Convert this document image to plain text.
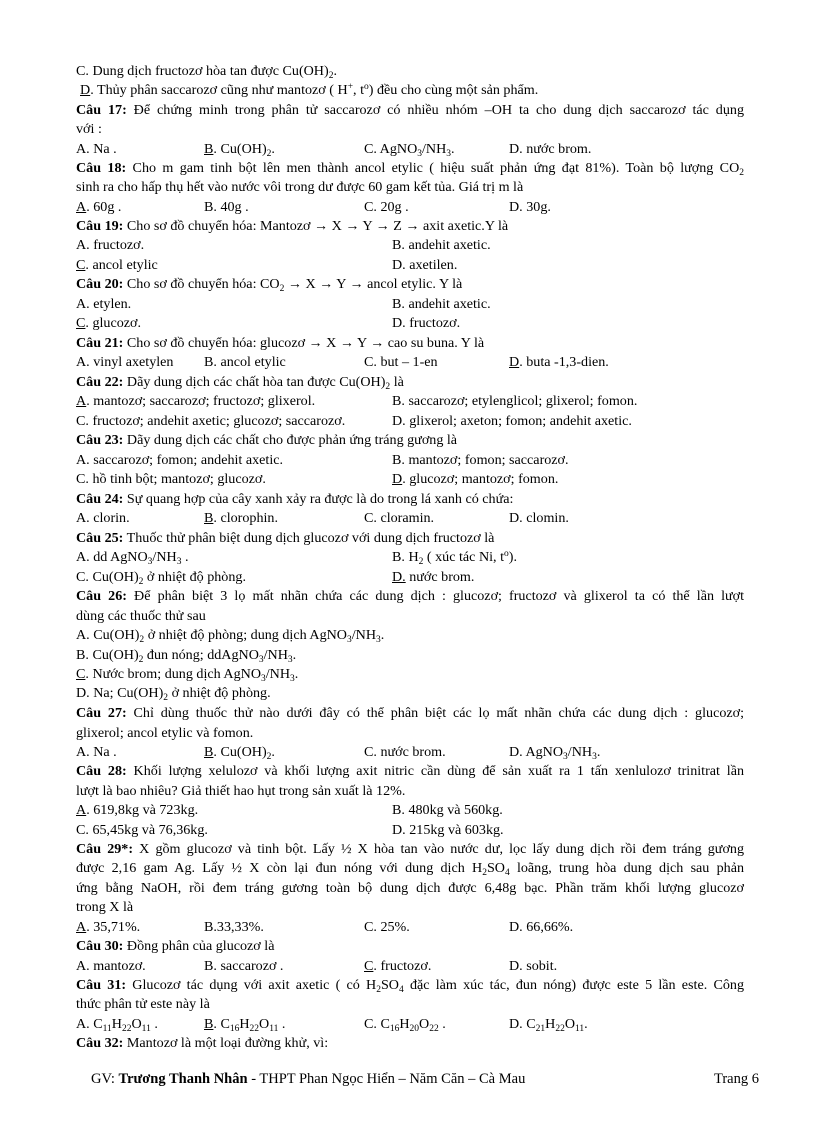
C. Dung dịch fructozơ hòa tan được $Cu(OH)_2$.
D. Thủy phân saccarozơ cũng như mantozơ ( H+, $t^o$) đều cho cùng một sản phẩm.
Câu 17: Để chứng minh trong phân tử saccarozơ có nhiều nhóm –OH ta cho dung dịch saccarozơ tác dụng
với :
A. Na .	B. $Cu(OH)_2$.	C. $AgNO_3/NH_3$.	D. nước brom.
Câu 18: Cho m gam tinh bột lên men thành ancol etylic ( hiệu suất phản ứng đạt 81%). Toàn bộ lượng $CO_2$
sinh ra cho hấp thụ hết vào nước vôi trong dư được 60 gam kết tủa. Giá trị m là
A. 60g .	B. 40g .	C. 20g .	D. 30g.
Câu 19: Cho sơ đồ chuyển hóa: Mantozơ → X → Y → Z → axit axetic.Y là
A. fructozơ.	B. andehit axetic.
C. ancol etylic	D. axetilen.
Câu 20: Cho sơ đồ chuyển hóa: $CO_2 \to X \to Y$ → ancol etylic. Y là
A. etylen.	B. andehit axetic.
C. glucozơ.	D. fructozơ.
Câu 21: Cho sơ đồ chuyển hóa: glucozơ → X → Y → cao su buna. Y là
A. vinyl axetylen B. ancol etylic	C. but – 1-en	D. buta -1,3-dien.
Câu 22: Dãy dung dịch các chất hòa tan được $Cu(OH)_2$ là
A. mantozơ; saccarozơ; fructozơ; glixerol.	B. saccarozơ; etylenglicol; glixerol; fomon.
C. fructozơ; andehit axetic; glucozơ; saccarozơ.	D. glixerol; axeton; fomon; andehit axetic.
Câu 23: Dãy dung dịch các chất cho được phản ứng tráng gương là
A. saccarozơ; fomon; andehit axetic.	B. mantozơ; fomon; saccarozơ.
C. hồ tinh bột; mantozơ; glucozơ.	D. glucozơ; mantozơ; fomon.
Câu 24: Sự quang hợp của cây xanh xảy ra được là do trong lá xanh có chứa:
A. clorin.	B. clorophin.	C. cloramin.	D. clomin.
Câu 25: Thuốc thử phân biệt dung dịch glucozơ với dung dịch fructozơ là
A. dd $AgNO_3/NH_3$ .	B. $H_2$ ( xúc tác Ni, $t^o$).
C. $Cu(OH)_2$ ở nhiệt độ phòng.	D. nước brom.
Câu 26: Để phân biệt 3 lọ mất nhãn chứa các dung dịch : glucozơ; fructozơ và glixerol ta có thể lần lượt
dùng các thuốc thử sau
A. $Cu(OH)_2$ ở nhiệt độ phòng; dung dịch $AgNO_3/NH_3$.
B. $Cu(OH)_2$ đun nóng; $ddAgNO_3/NH_3$.
C. Nước brom; dung dịch $AgNO_3/NH_3$.
D. Na; $Cu(OH)_2$ ở nhiệt độ phòng.
Câu 27: Chỉ dùng thuốc thử nào dưới đây có thể phân biệt các lọ mất nhãn chứa các dung dịch : glucozơ;
glixerol; ancol etylic và fomon.
A. Na .	B. $Cu(OH)_2$.	C. nước brom.	D. $AgNO_3/NH_3$.
Câu 28: Khối lượng xelulozơ và khối lượng axit nitric cần dùng để sản xuất ra 1 tấn xenlulozơ trinitrat lần
lượt là bao nhiêu? Giả thiết hao hụt trong sản xuất là 12%.
A. 619,8kg và 723kg.	B. 480kg và 560kg.
C. 65,45kg và 76,36kg.	D. 215kg và 603kg.
Câu 29*: X gồm glucozơ và tinh bột. Lấy ½ X hòa tan vào nước dư, lọc lấy dung dịch rồi đem tráng gương
được 2,16 gam Ag. Lấy ½ X còn lại đun nóng với dung dịch $H_2SO_4$ loãng, trung hòa dung dịch sau phản
ứng bằng NaOH, rồi đem tráng gương toàn bộ dung dịch được 6,48g bạc. Phần trăm khối lượng glucozơ
trong X là
A. 35,71%.	B.33,33%.	C. 25%.	D. 66,66%.
Câu 30: Đồng phân của glucozơ là
A. mantozơ.	B. saccarozơ .	C. fructozơ.	D. sobit.
Câu 31: Glucozơ tác dụng với axit axetic ( có $H_2SO_4$ đặc làm xúc tác, đun nóng) được este 5 lần este. Công
thức phân tử este này là
A. $C_{11}H_{22}O_{11}$ .	B. $C_{16}H_{22}O_{11}$ .	C. $C_{16}H_{20}O_{22}$ .	D. $C_{21}H_{22}O_{11}$.
Câu 32: Mantozơ là một loại đường khử, vì:
GV: Trương Thanh Nhân - THPT Phan Ngọc Hiển – Năm Căn – Cà Mau	Trang 6
